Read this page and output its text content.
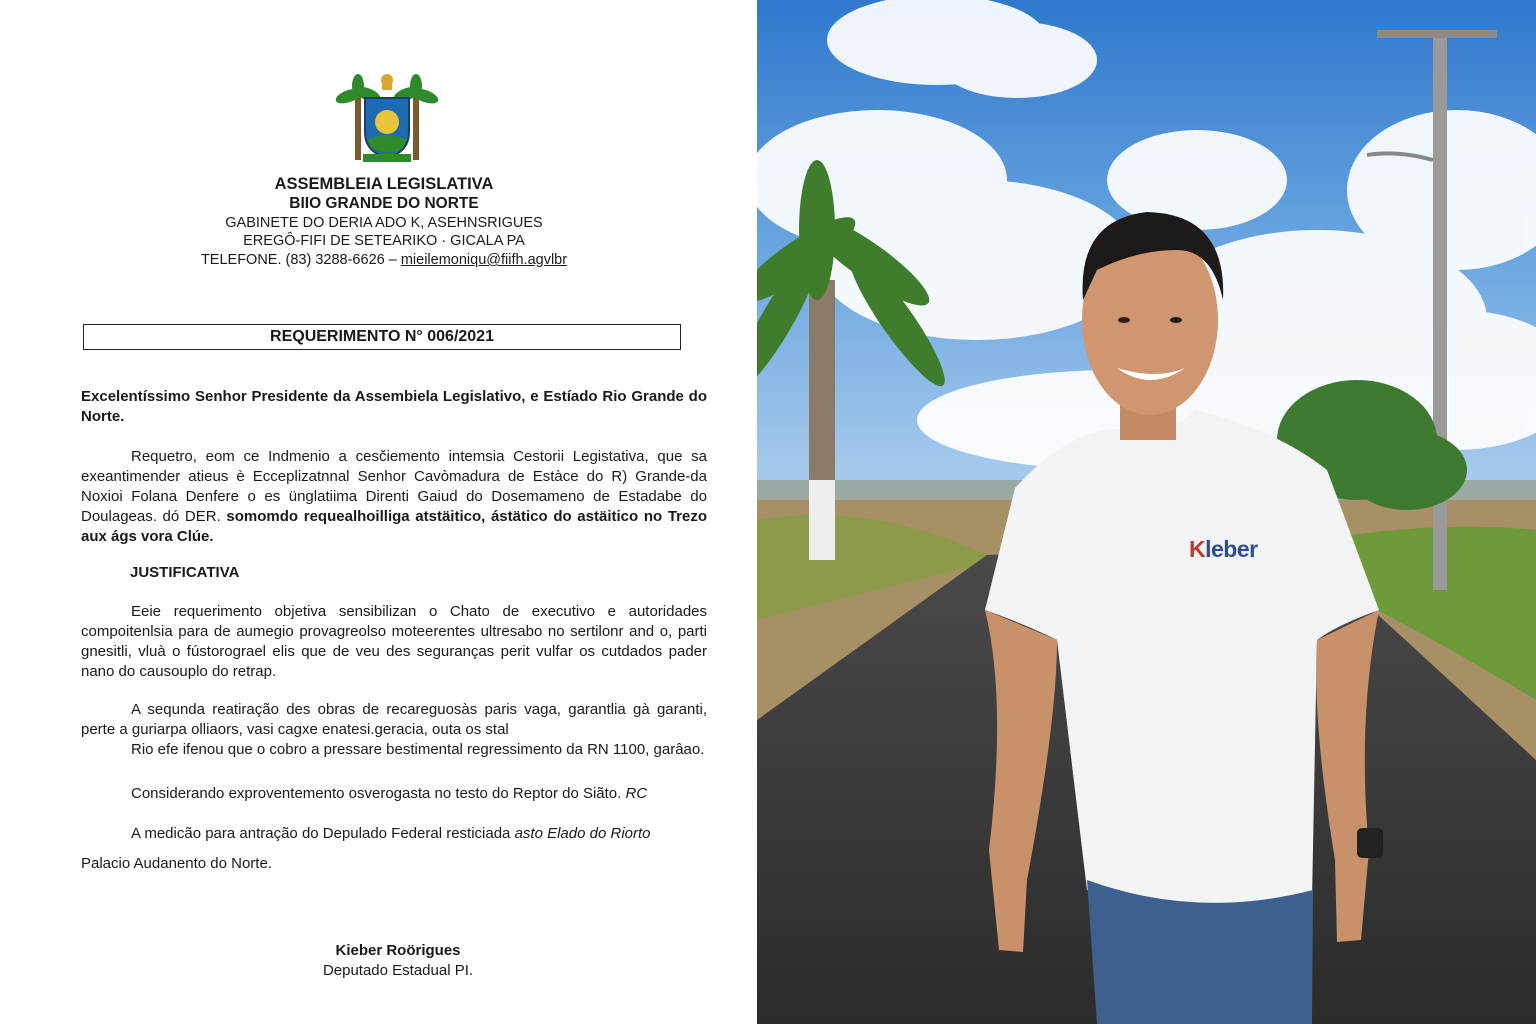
ASSEMBLEIA LEGISLATIVA
BIIO GRANDE DO NORTE
GABINETE DO DERIA ADO K, ASEHNSRIGUES
EREGÔ-FIFI DE SETEARIKO · GICALA PA
TELEFONE. (83) 3288-6626 – mieilemoniqu@fiifh.agvlbr
REQUERIMENTO N° 006/2021
Excelentíssimo Senhor Presidente da Assembiela Legislativo, e Estíado Rio Grande do Norte.
Requetro, eom ce Indmenio a cesčiemento intemsia Cestorii Legistativa, que sa exeantimender atieus è Ecceplizatnnal Senhor Cavòmadura de Estàce do R) Grande-da Noxioi Folana Denfere o es ünglatiima Direnti Gaiud do Dosemameno de Estadabe do Doulageas. dó DER. somomdo requealhoilliga atstäitico, ástätico do astäitico no Trezo aux ágs vora Clúe.
JUSTIFICATIVA
Eeie requerimento objetiva sensibilizan o Chato de executivo e autoridades compoitenlsia para de aumegio provagreolso moteerentes ultresabo no sertilonr and o, parti gnesitli, vluà o fústorograel elis que de veu des seguranças perit vulfar os cutdados pader nano do causouplo do retrap.
A sequnda reatiração des obras de recareguosàs paris vaga, garantlia gà garanti, perte a guriarpa olliaors, vasi cagxe enatesi.geracia, outa os stal
Rio efe ifenou que o cobro a pressare bestimental regressimento da RN 1100, garâao.
Considerando exproventemento osverogasta no testo do Reptor do Siãto. RC
A medicão para antração do Depulado Federal resticiada asto Elado do Riorto
Palacio Audanento do Norte.
Kieber Roörigues
Deputado Estadual PI.
Kleber
